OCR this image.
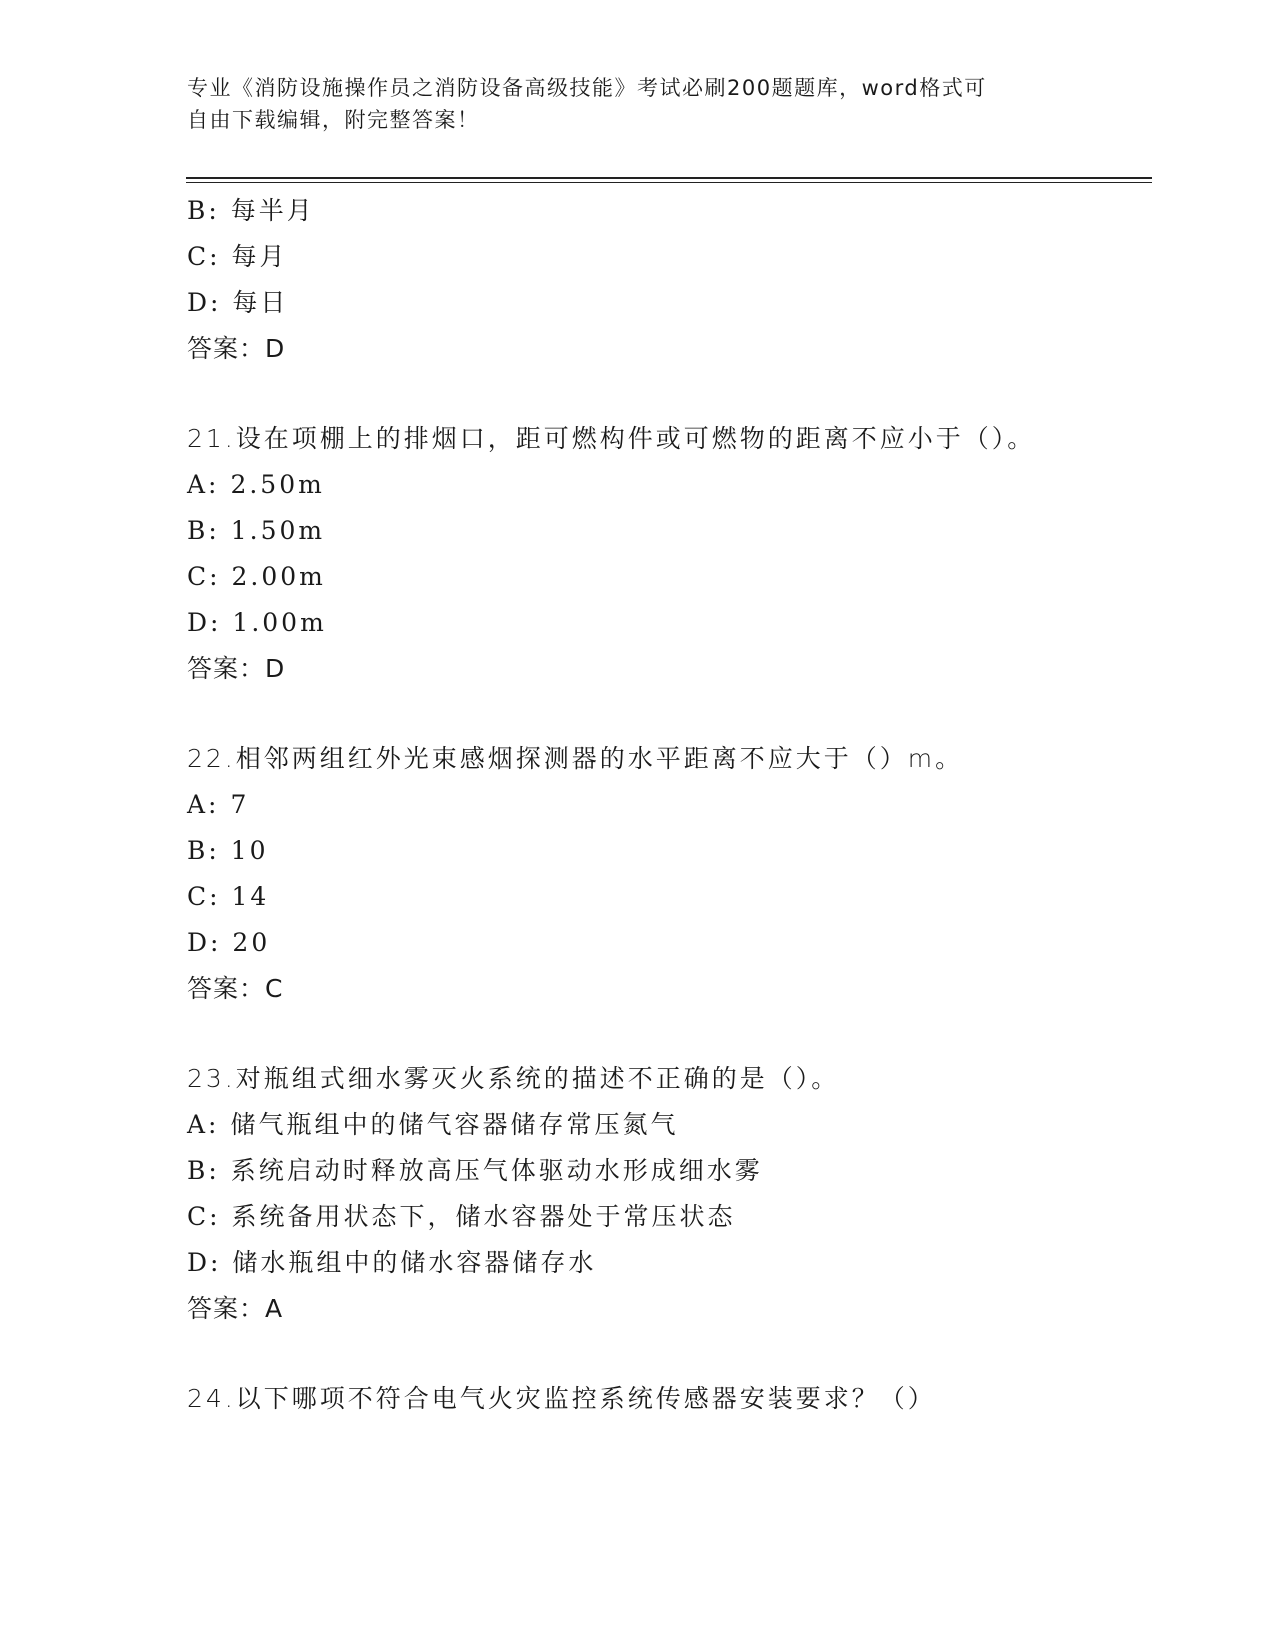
专业《消防设施操作员之消防设备高级技能》考试必刷200题题库，word格式可
自由下载编辑，附完整答案！
B: 每半月
C: 每月
D: 每日
答案：D
21.设在项棚上的排烟口，距可燃构件或可燃物的距离不应小于（）。
A: 2.50m
B: 1.50m
C: 2.00m
D: 1.00m
答案：D
22.相邻两组红外光束感烟探测器的水平距离不应大于（）m。
A: 7
B: 10
C: 14
D: 20
答案：C
23.对瓶组式细水雾灭火系统的描述不正确的是（）。
A: 储气瓶组中的储气容器储存常压氮气
B: 系统启动时释放高压气体驱动水形成细水雾
C: 系统备用状态下，储水容器处于常压状态
D: 储水瓶组中的储水容器储存水
答案：A
24.以下哪项不符合电气火灾监控系统传感器安装要求？（）
